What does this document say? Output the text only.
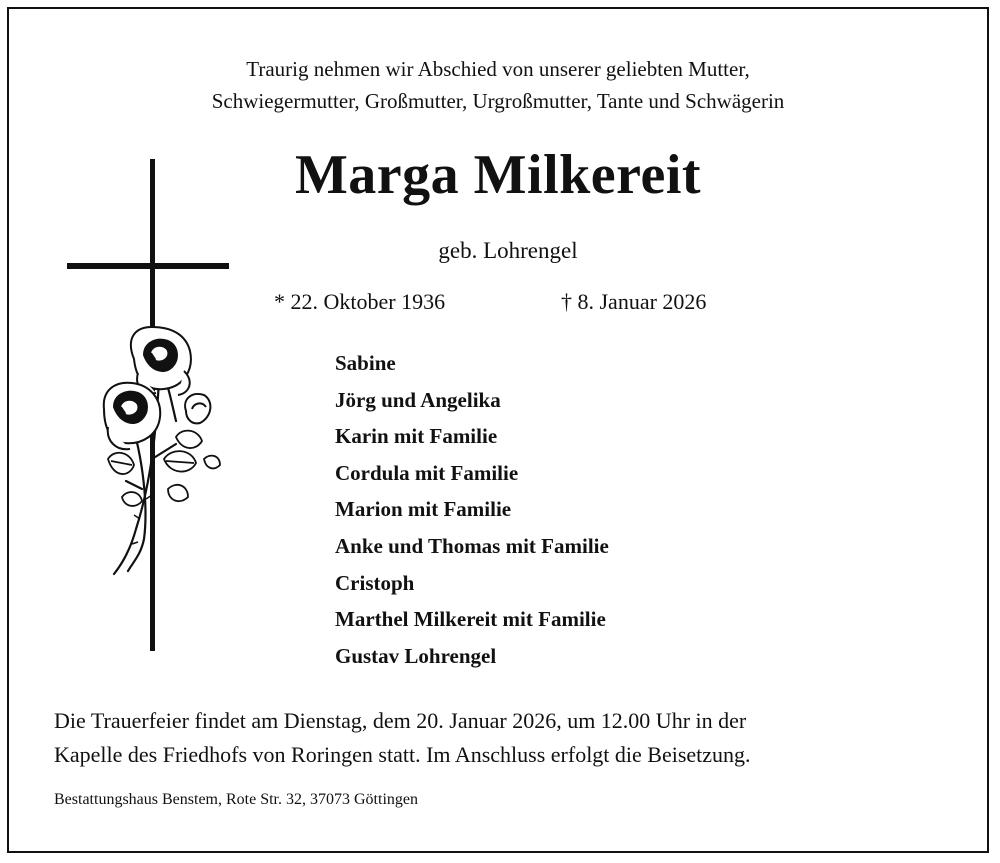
Traurig nehmen wir Abschied von unserer geliebten Mutter,
Schwiegermutter, Großmutter, Urgroßmutter, Tante und Schwägerin
Marga Milkereit
geb. Lohrengel
* 22. Oktober 1936	† 8. Januar 2026
Sabine
Jörg und Angelika
Karin mit Familie
Cordula mit Familie
Marion mit Familie
Anke und Thomas mit Familie
Cristoph
Marthel Milkereit mit Familie
Gustav Lohrengel
Die Trauerfeier findet am Dienstag, dem 20. Januar 2026, um 12.00 Uhr in der
Kapelle des Friedhofs von Roringen statt. Im Anschluss erfolgt die Beisetzung.
Bestattungshaus Benstem, Rote Str. 32, 37073 Göttingen
